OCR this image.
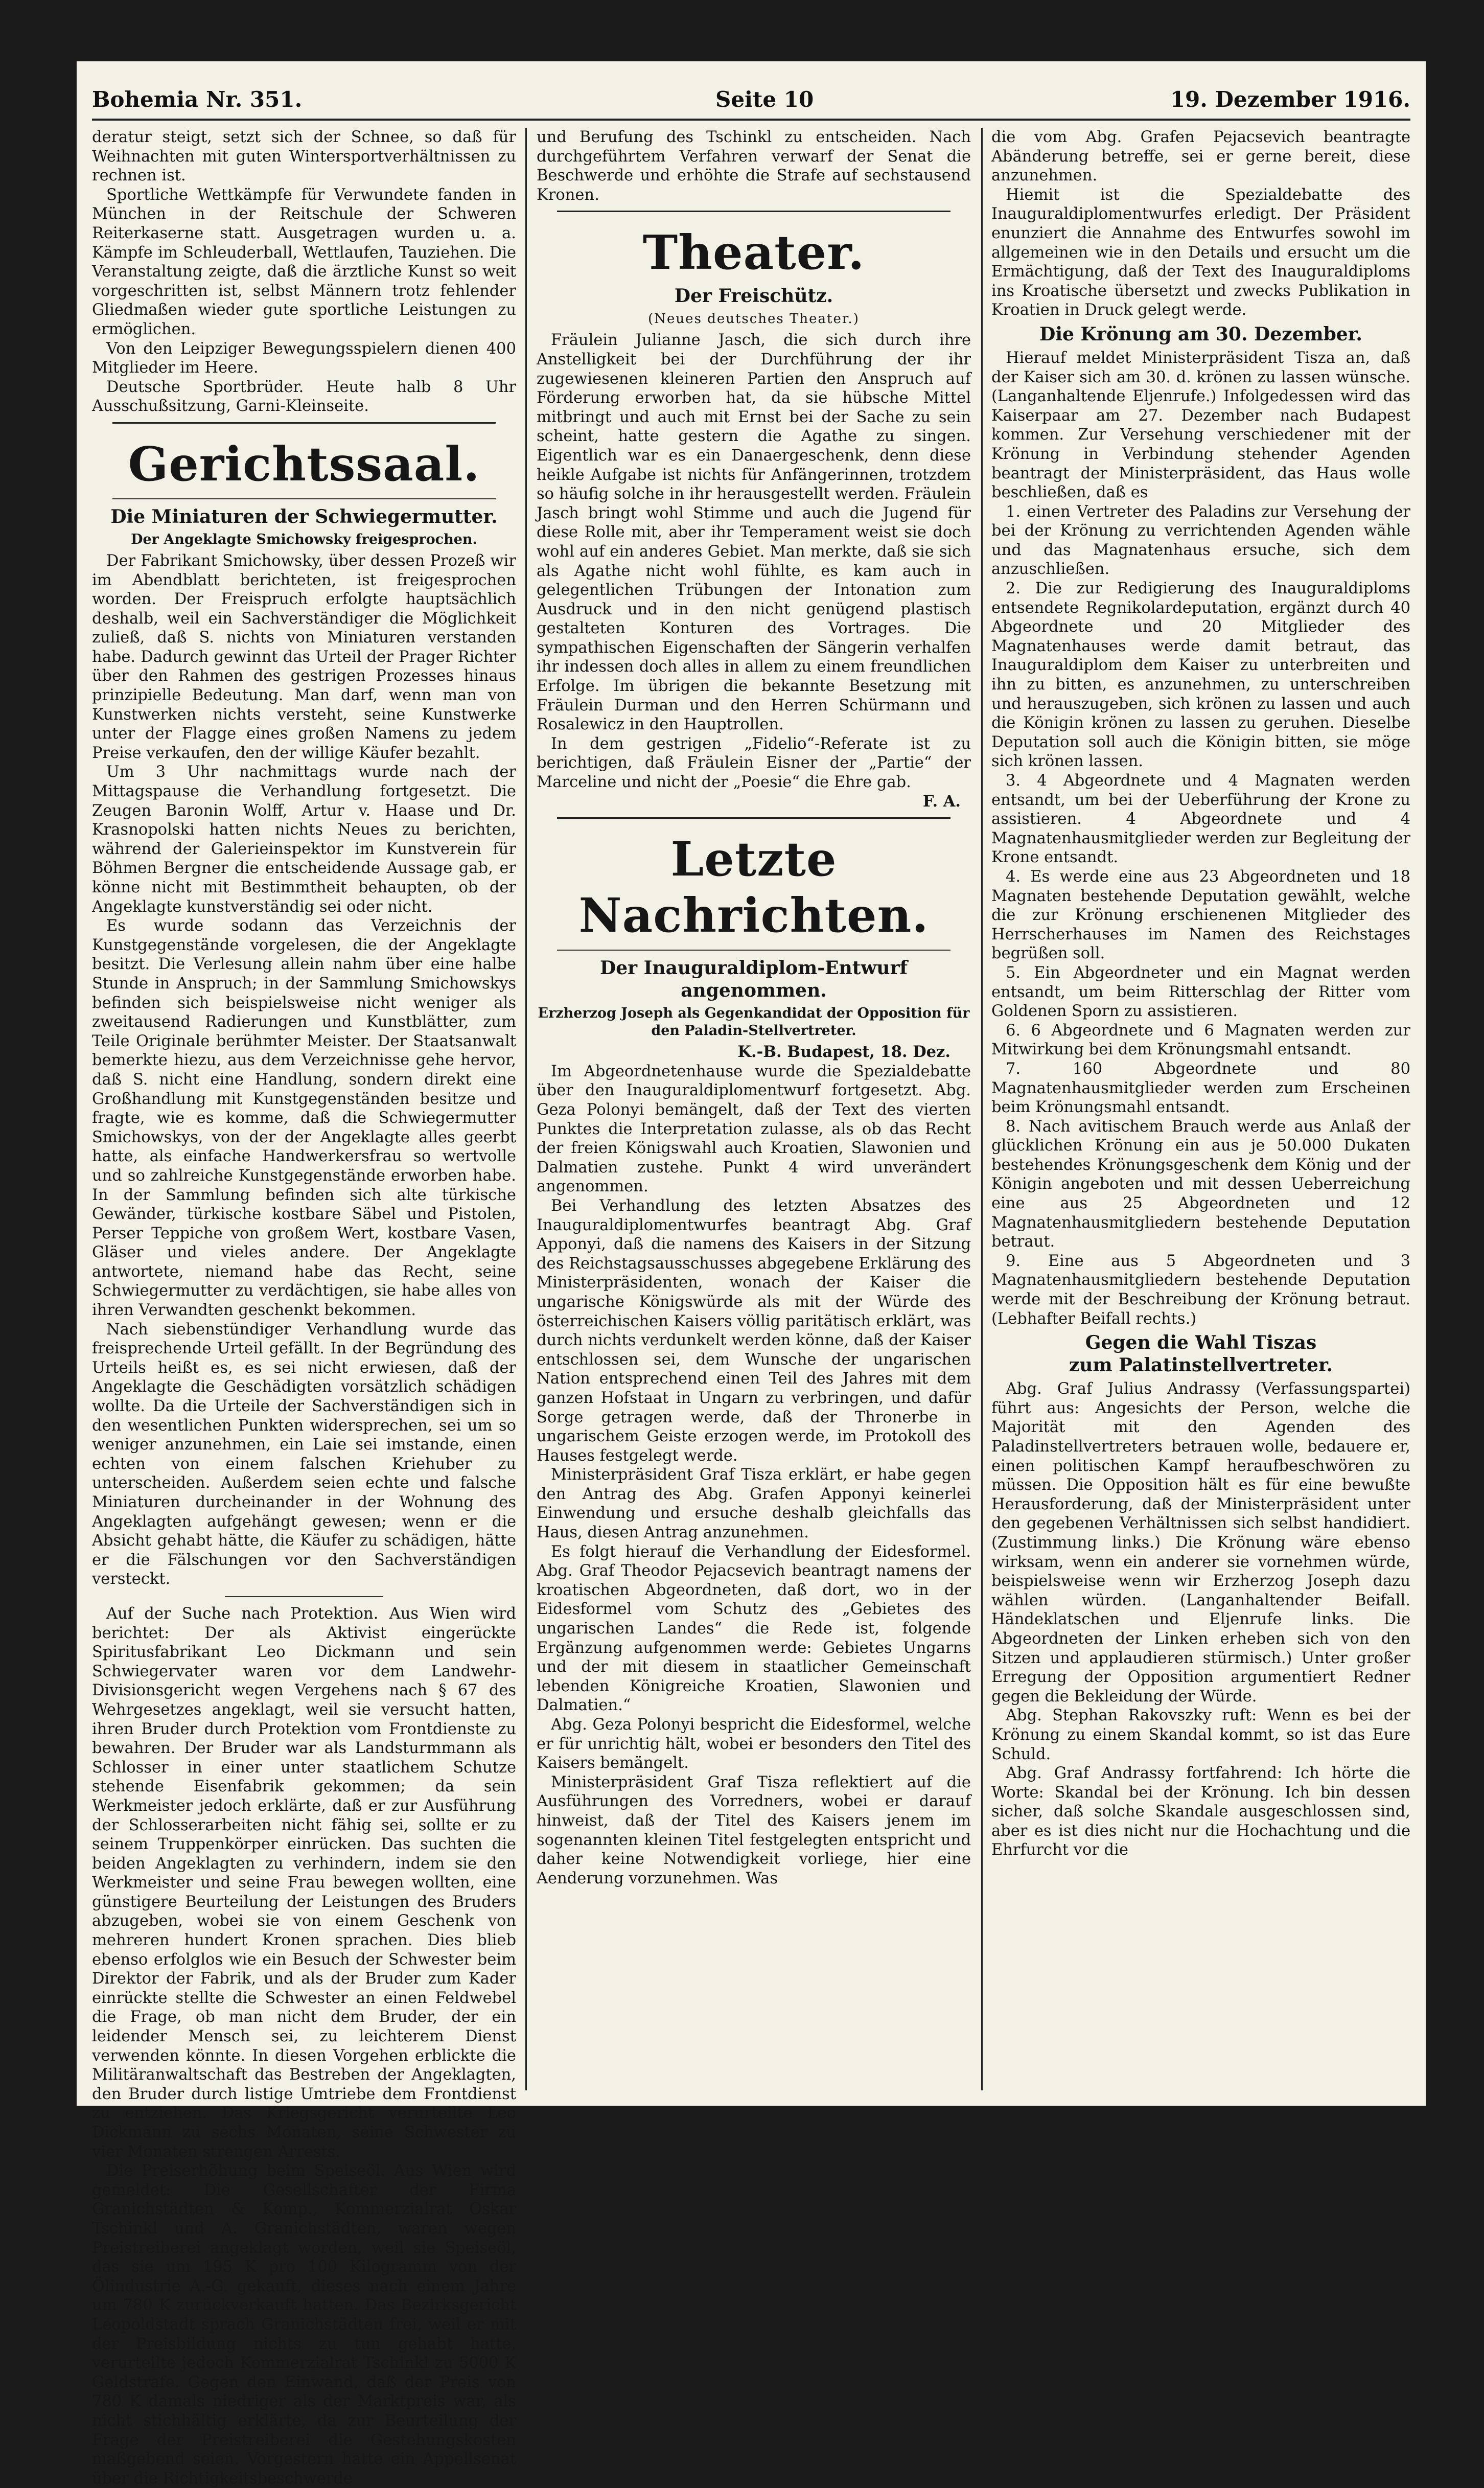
Bohemia Nr. 351.	Seite 10	19. Dezember 1916.

deratur steigt, setzt sich der Schnee, so daß für Weihnachten mit guten Wintersportverhältnissen zu rechnen ist.

Sportliche Wettkämpfe für Verwundete fanden in München in der Reitschule der Schweren Reiterkaserne statt. Ausgetragen wurden u. a. Kämpfe im Schleuderball, Wettlaufen, Tauziehen. Die Veranstaltung zeigte, daß die ärztliche Kunst so weit vorgeschritten ist, selbst Männern trotz fehlender Gliedmaßen wieder gute sportliche Leistungen zu ermöglichen.

Von den Leipziger Bewegungsspielern dienen 400 Mitglieder im Heere.

Deutsche Sportbrüder. Heute halb 8 Uhr Ausschußsitzung, Garni-Kleinseite.

Gerichtssaal.
Die Miniaturen der Schwiegermutter.
Der Angeklagte Smichowsky freigesprochen.

Der Fabrikant Smichowsky, über dessen Prozeß wir im Abendblatt berichteten, ist freigesprochen worden. Der Freispruch erfolgte hauptsächlich deshalb, weil ein Sachverständiger die Möglichkeit zuließ, daß S. nichts von Miniaturen verstanden habe. Dadurch gewinnt das Urteil der Prager Richter über den Rahmen des gestrigen Prozesses hinaus prinzipielle Bedeutung. Man darf, wenn man von Kunstwerken nichts versteht, seine Kunstwerke unter der Flagge eines großen Namens zu jedem Preise verkaufen, den der willige Käufer bezahlt.

Um 3 Uhr nachmittags wurde nach der Mittagspause die Verhandlung fortgesetzt. Die Zeugen Baronin Wolff, Artur v. Haase und Dr. Krasnopolski hatten nichts Neues zu berichten, während der Galerieinspektor im Kunstverein für Böhmen Bergner die entscheidende Aussage gab, er könne nicht mit Bestimmtheit behaupten, ob der Angeklagte kunstverständig sei oder nicht.

Es wurde sodann das Verzeichnis der Kunstgegenstände vorgelesen, die der Angeklagte besitzt. Die Verlesung allein nahm über eine halbe Stunde in Anspruch; in der Sammlung Smichowskys befinden sich beispielsweise nicht weniger als zweitausend Radierungen und Kunstblätter, zum Teile Originale berühmter Meister. Der Staatsanwalt bemerkte hiezu, aus dem Verzeichnisse gehe hervor, daß S. nicht eine Handlung, sondern direkt eine Großhandlung mit Kunstgegenständen besitze und fragte, wie es komme, daß die Schwiegermutter Smichowskys, von der der Angeklagte alles geerbt hatte, als einfache Handwerkersfrau so wertvolle und so zahlreiche Kunstgegenstände erworben habe. In der Sammlung befinden sich alte türkische Gewänder, türkische kostbare Säbel und Pistolen, Perser Teppiche von großem Wert, kostbare Vasen, Gläser und vieles andere. Der Angeklagte antwortete, niemand habe das Recht, seine Schwiegermutter zu verdächtigen, sie habe alles von ihren Verwandten geschenkt bekommen.

Nach siebenstündiger Verhandlung wurde das freisprechende Urteil gefällt. In der Begründung des Urteils heißt es, es sei nicht erwiesen, daß der Angeklagte die Geschädigten vorsätzlich schädigen wollte. Da die Urteile der Sachverständigen sich in den wesentlichen Punkten widersprechen, sei um so weniger anzunehmen, ein Laie sei imstande, einen echten von einem falschen Kriehuber zu unterscheiden. Außerdem seien echte und falsche Miniaturen durcheinander in der Wohnung des Angeklagten aufgehängt gewesen; wenn er die Absicht gehabt hätte, die Käufer zu schädigen, hätte er die Fälschungen vor den Sachverständigen versteckt.

Auf der Suche nach Protektion. Aus Wien wird berichtet: Der als Aktivist eingerückte Spiritusfabrikant Leo Dickmann und sein Schwiegervater waren vor dem Landwehr-Divisionsgericht wegen Vergehens nach § 67 des Wehrgesetzes angeklagt, weil sie versucht hatten, ihren Bruder durch Protektion vom Frontdienste zu bewahren. Der Bruder war als Landsturmmann als Schlosser in einer unter staatlichem Schutze stehende Eisenfabrik gekommen; da sein Werkmeister jedoch erklärte, daß er zur Ausführung der Schlosserarbeiten nicht fähig sei, sollte er zu seinem Truppenkörper einrücken. Das suchten die beiden Angeklagten zu verhindern, indem sie den Werkmeister und seine Frau bewegen wollten, eine günstigere Beurteilung der Leistungen des Bruders abzugeben, wobei sie von einem Geschenk von mehreren hundert Kronen sprachen. Dies blieb ebenso erfolglos wie ein Besuch der Schwester beim Direktor der Fabrik, und als der Bruder zum Kader einrückte stellte die Schwester an einen Feldwebel die Frage, ob man nicht dem Bruder, der ein leidender Mensch sei, zu leichterem Dienst verwenden könnte. In diesen Vorgehen erblickte die Militäranwaltschaft das Bestreben der Angeklagten, den Bruder durch listige Umtriebe dem Frontdienst zu entziehen. Das Kriegsgericht verurteilte Leo Dickmann zu sechs Monaten, seine Schwester zu vier Monaten strengen Arrests.

Die Preiserhöhung beim Speiseöl. Aus Wien wird gemeldet: Die Gesellschafter der Firma Granichstädten & Komp., Kommerzialrat Oskar Tschinkl und A. Granichstädten, waren wegen Preistreiberei angeklagt worden, weil sie Speiseöl, das sie um 195 K pro 100 Kilogramm von der Ölindustrie A.-G. gekauft, dieses nach einem Jahre um 780 K zurückverkauft hatten. Das Bezirksgericht Leopoldstadt sprach Granichstädten frei, weil er mit der Preisbildung nichts zu tun gehabt hatte, verurteilte jedoch Kommerzialrat Tschinkl zu 5000 K Geldstrafe. Gegen den Einwand, daß der Preis von 780 K damals niedriger als der Marktpreis war, als nicht stichhältig erklärte, da zur Beurteilung der Frage der Preistreiberei die Gestehungskosten maßgebend seien. Vorgestern hatte ein Appellsenat über die Richtigkeitsbeschwerde

und Berufung des Tschinkl zu entscheiden. Nach durchgeführtem Verfahren verwarf der Senat die Beschwerde und erhöhte die Strafe auf sechstausend Kronen.

Theater.
Der Freischütz.
(Neues deutsches Theater.)

Fräulein Julianne Jasch, die sich durch ihre Anstelligkeit bei der Durchführung der ihr zugewiesenen kleineren Partien den Anspruch auf Förderung erworben hat, da sie hübsche Mittel mitbringt und auch mit Ernst bei der Sache zu sein scheint, hatte gestern die Agathe zu singen. Eigentlich war es ein Danaergeschenk, denn diese heikle Aufgabe ist nichts für Anfängerinnen, trotzdem so häufig solche in ihr herausgestellt werden. Fräulein Jasch bringt wohl Stimme und auch die Jugend für diese Rolle mit, aber ihr Temperament weist sie doch wohl auf ein anderes Gebiet. Man merkte, daß sie sich als Agathe nicht wohl fühlte, es kam auch in gelegentlichen Trübungen der Intonation zum Ausdruck und in den nicht genügend plastisch gestalteten Konturen des Vortrages. Die sympathischen Eigenschaften der Sängerin verhalfen ihr indessen doch alles in allem zu einem freundlichen Erfolge. Im übrigen die bekannte Besetzung mit Fräulein Durman und den Herren Schürmann und Rosalewicz in den Hauptrollen.

In dem gestrigen „Fidelio“-Referate ist zu berichtigen, daß Fräulein Eisner der „Partie“ der Marceline und nicht der „Poesie“ die Ehre gab.

F. A.
Letzte Nachrichten.
Der Inauguraldiplom-Entwurf
angenommen.
Erzherzog Joseph als Gegenkandidat der Opposition für den Paladin-Stellvertreter.
K.-B. Budapest, 18. Dez.

Im Abgeordnetenhause wurde die Spezialdebatte über den Inauguraldiplomentwurf fortgesetzt. Abg. Geza Polonyi bemängelt, daß der Text des vierten Punktes die Interpretation zulasse, als ob das Recht der freien Königswahl auch Kroatien, Slawonien und Dalmatien zustehe. Punkt 4 wird unverändert angenommen.

Bei Verhandlung des letzten Absatzes des Inauguraldiplomentwurfes beantragt Abg. Graf Apponyi, daß die namens des Kaisers in der Sitzung des Reichstagsausschusses abgegebene Erklärung des Ministerpräsidenten, wonach der Kaiser die ungarische Königswürde als mit der Würde des österreichischen Kaisers völlig paritätisch erklärt, was durch nichts verdunkelt werden könne, daß der Kaiser entschlossen sei, dem Wunsche der ungarischen Nation entsprechend einen Teil des Jahres mit dem ganzen Hofstaat in Ungarn zu verbringen, und dafür Sorge getragen werde, daß der Thronerbe in ungarischem Geiste erzogen werde, im Protokoll des Hauses festgelegt werde.

Ministerpräsident Graf Tisza erklärt, er habe gegen den Antrag des Abg. Grafen Apponyi keinerlei Einwendung und ersuche deshalb gleichfalls das Haus, diesen Antrag anzunehmen.

Es folgt hierauf die Verhandlung der Eidesformel. Abg. Graf Theodor Pejacsevich beantragt namens der kroatischen Abgeordneten, daß dort, wo in der Eidesformel vom Schutz des „Gebietes des ungarischen Landes“ die Rede ist, folgende Ergänzung aufgenommen werde: Gebietes Ungarns und der mit diesem in staatlicher Gemeinschaft lebenden Königreiche Kroatien, Slawonien und Dalmatien.“

Abg. Geza Polonyi bespricht die Eidesformel, welche er für unrichtig hält, wobei er besonders den Titel des Kaisers bemängelt.

Ministerpräsident Graf Tisza reflektiert auf die Ausführungen des Vorredners, wobei er darauf hinweist, daß der Titel des Kaisers jenem im sogenannten kleinen Titel festgelegten entspricht und daher keine Notwendigkeit vorliege, hier eine Aenderung vorzunehmen. Was

die vom Abg. Grafen Pejacsevich beantragte Abänderung betreffe, sei er gerne bereit, diese anzunehmen.

Hiemit ist die Spezialdebatte des Inauguraldiplomentwurfes erledigt. Der Präsident enunziert die Annahme des Entwurfes sowohl im allgemeinen wie in den Details und ersucht um die Ermächtigung, daß der Text des Inauguraldiploms ins Kroatische übersetzt und zwecks Publikation in Kroatien in Druck gelegt werde.

Die Krönung am 30. Dezember.

Hierauf meldet Ministerpräsident Tisza an, daß der Kaiser sich am 30. d. krönen zu lassen wünsche. (Langanhaltende Eljenrufe.) Infolgedessen wird das Kaiserpaar am 27. Dezember nach Budapest kommen. Zur Versehung verschiedener mit der Krönung in Verbindung stehender Agenden beantragt der Ministerpräsident, das Haus wolle beschließen, daß es

1. einen Vertreter des Paladins zur Versehung der bei der Krönung zu verrichtenden Agenden wähle und das Magnatenhaus ersuche, sich dem anzuschließen.

2. Die zur Redigierung des Inauguraldiploms entsendete Regnikolardeputation, ergänzt durch 40 Abgeordnete und 20 Mitglieder des Magnatenhauses werde damit betraut, das Inauguraldiplom dem Kaiser zu unterbreiten und ihn zu bitten, es anzunehmen, zu unterschreiben und herauszugeben, sich krönen zu lassen und auch die Königin krönen zu lassen zu geruhen. Dieselbe Deputation soll auch die Königin bitten, sie möge sich krönen lassen.

3. 4 Abgeordnete und 4 Magnaten werden entsandt, um bei der Ueberführung der Krone zu assistieren. 4 Abgeordnete und 4 Magnatenhausmitglieder werden zur Begleitung der Krone entsandt.

4. Es werde eine aus 23 Abgeordneten und 18 Magnaten bestehende Deputation gewählt, welche die zur Krönung erschienenen Mitglieder des Herrscherhauses im Namen des Reichstages begrüßen soll.

5. Ein Abgeordneter und ein Magnat werden entsandt, um beim Ritterschlag der Ritter vom Goldenen Sporn zu assistieren.

6. 6 Abgeordnete und 6 Magnaten werden zur Mitwirkung bei dem Krönungsmahl entsandt.

7. 160 Abgeordnete und 80 Magnatenhausmitglieder werden zum Erscheinen beim Krönungsmahl entsandt.

8. Nach avitischem Brauch werde aus Anlaß der glücklichen Krönung ein aus je 50.000 Dukaten bestehendes Krönungsgeschenk dem König und der Königin angeboten und mit dessen Ueberreichung eine aus 25 Abgeordneten und 12 Magnatenhausmitgliedern bestehende Deputation betraut.

9. Eine aus 5 Abgeordneten und 3 Magnatenhausmitgliedern bestehende Deputation werde mit der Beschreibung der Krönung betraut. (Lebhafter Beifall rechts.)

Gegen die Wahl Tiszas
zum Palatinstellvertreter.

Abg. Graf Julius Andrassy (Verfassungspartei) führt aus: Angesichts der Person, welche die Majorität mit den Agenden des Paladinstellvertreters betrauen wolle, bedauere er, einen politischen Kampf heraufbeschwören zu müssen. Die Opposition hält es für eine bewußte Herausforderung, daß der Ministerpräsident unter den gegebenen Verhältnissen sich selbst handidiert. (Zustimmung links.) Die Krönung wäre ebenso wirksam, wenn ein anderer sie vornehmen würde, beispielsweise wenn wir Erzherzog Joseph dazu wählen würden. (Langanhaltender Beifall. Händeklatschen und Eljenrufe links. Die Abgeordneten der Linken erheben sich von den Sitzen und applaudieren stürmisch.) Unter großer Erregung der Opposition argumentiert Redner gegen die Bekleidung der Würde.

Abg. Stephan Rakovszky ruft: Wenn es bei der Krönung zu einem Skandal kommt, so ist das Eure Schuld.

Abg. Graf Andrassy fortfahrend: Ich hörte die Worte: Skandal bei der Krönung. Ich bin dessen sicher, daß solche Skandale ausgeschlossen sind, aber es ist dies nicht nur die Hochachtung und die Ehrfurcht vor die
